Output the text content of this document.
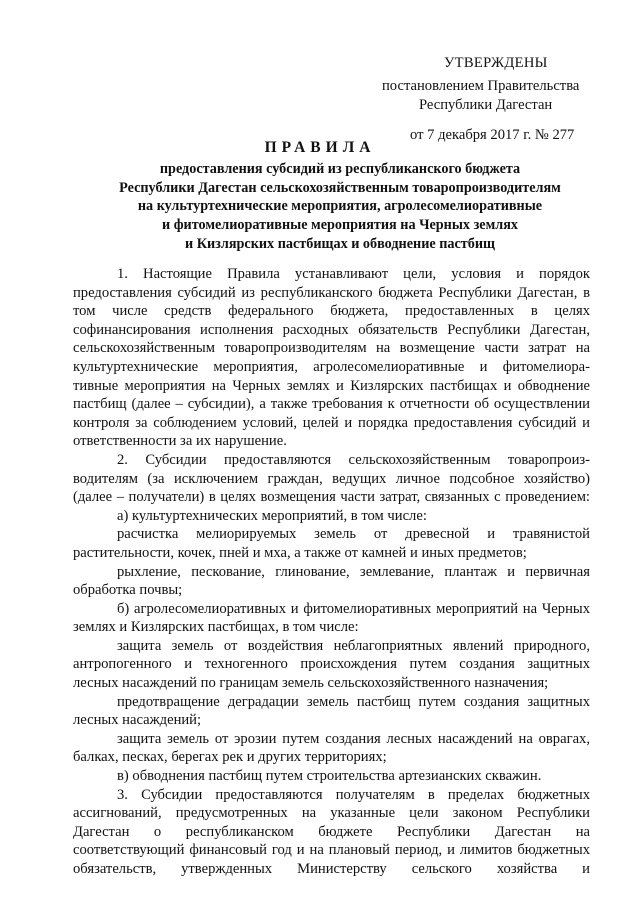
УТВЕРЖДЕНЫ
постановлением Правительства
Республики Дагестан
от 7 декабря 2017 г. № 277
ПРАВИЛА
предоставления субсидий из республиканского бюджета
Республики Дагестан сельскохозяйственным товаропроизводителям
на культуртехнические мероприятия, агролесомелиоративные
и фитомелиоративные мероприятия на Черных землях
и Кизлярских пастбищах и обводнение пастбищ

1. Настоящие Правила устанавливают цели, условия и порядок

предоставления субсидий из республиканского бюджета Республики Дагестан, в

том числе средств федерального бюджета, предоставленных в целях

софинансирования исполнения расходных обязательств Республики Дагестан,

сельскохозяйственным товаропроизводителям на возмещение части затрат на

культуртехнические мероприятия, агролесомелиоративные и фитомелиора-

тивные мероприятия на Черных землях и Кизлярских пастбищах и обводнение

пастбищ (далее – субсидии), а также требования к отчетности об осуществлении

контроля за соблюдением условий, целей и порядка предоставления субсидий и

ответственности за их нарушение.

2. Субсидии предоставляются сельскохозяйственным товаропроиз-

водителям (за исключением граждан, ведущих личное подсобное хозяйство)

(далее – получатели) в целях возмещения части затрат, связанных с проведением:

а) культуртехнических мероприятий, в том числе:

расчистка мелиорируемых земель от древесной и травянистой

растительности, кочек, пней и мха, а также от камней и иных предметов;

рыхление, пескование, глинование, землевание, плантаж и первичная

обработка почвы;

б) агролесомелиоративных и фитомелиоративных мероприятий на Черных

землях и Кизлярских пастбищах, в том числе:

защита земель от воздействия неблагоприятных явлений природного,

антропогенного и техногенного происхождения путем создания защитных

лесных насаждений по границам земель сельскохозяйственного назначения;

предотвращение деградации земель пастбищ путем создания защитных

лесных насаждений;

защита земель от эрозии путем создания лесных насаждений на оврагах,

балках, песках, берегах рек и других территориях;

в) обводнения пастбищ путем строительства артезианских скважин.

3. Субсидии предоставляются получателям в пределах бюджетных

ассигнований, предусмотренных на указанные цели законом Республики

Дагестан о республиканском бюджете Республики Дагестан на

соответствующий финансовый год и на плановый период, и лимитов бюджетных

обязательств, утвержденных Министерству сельского хозяйства и
